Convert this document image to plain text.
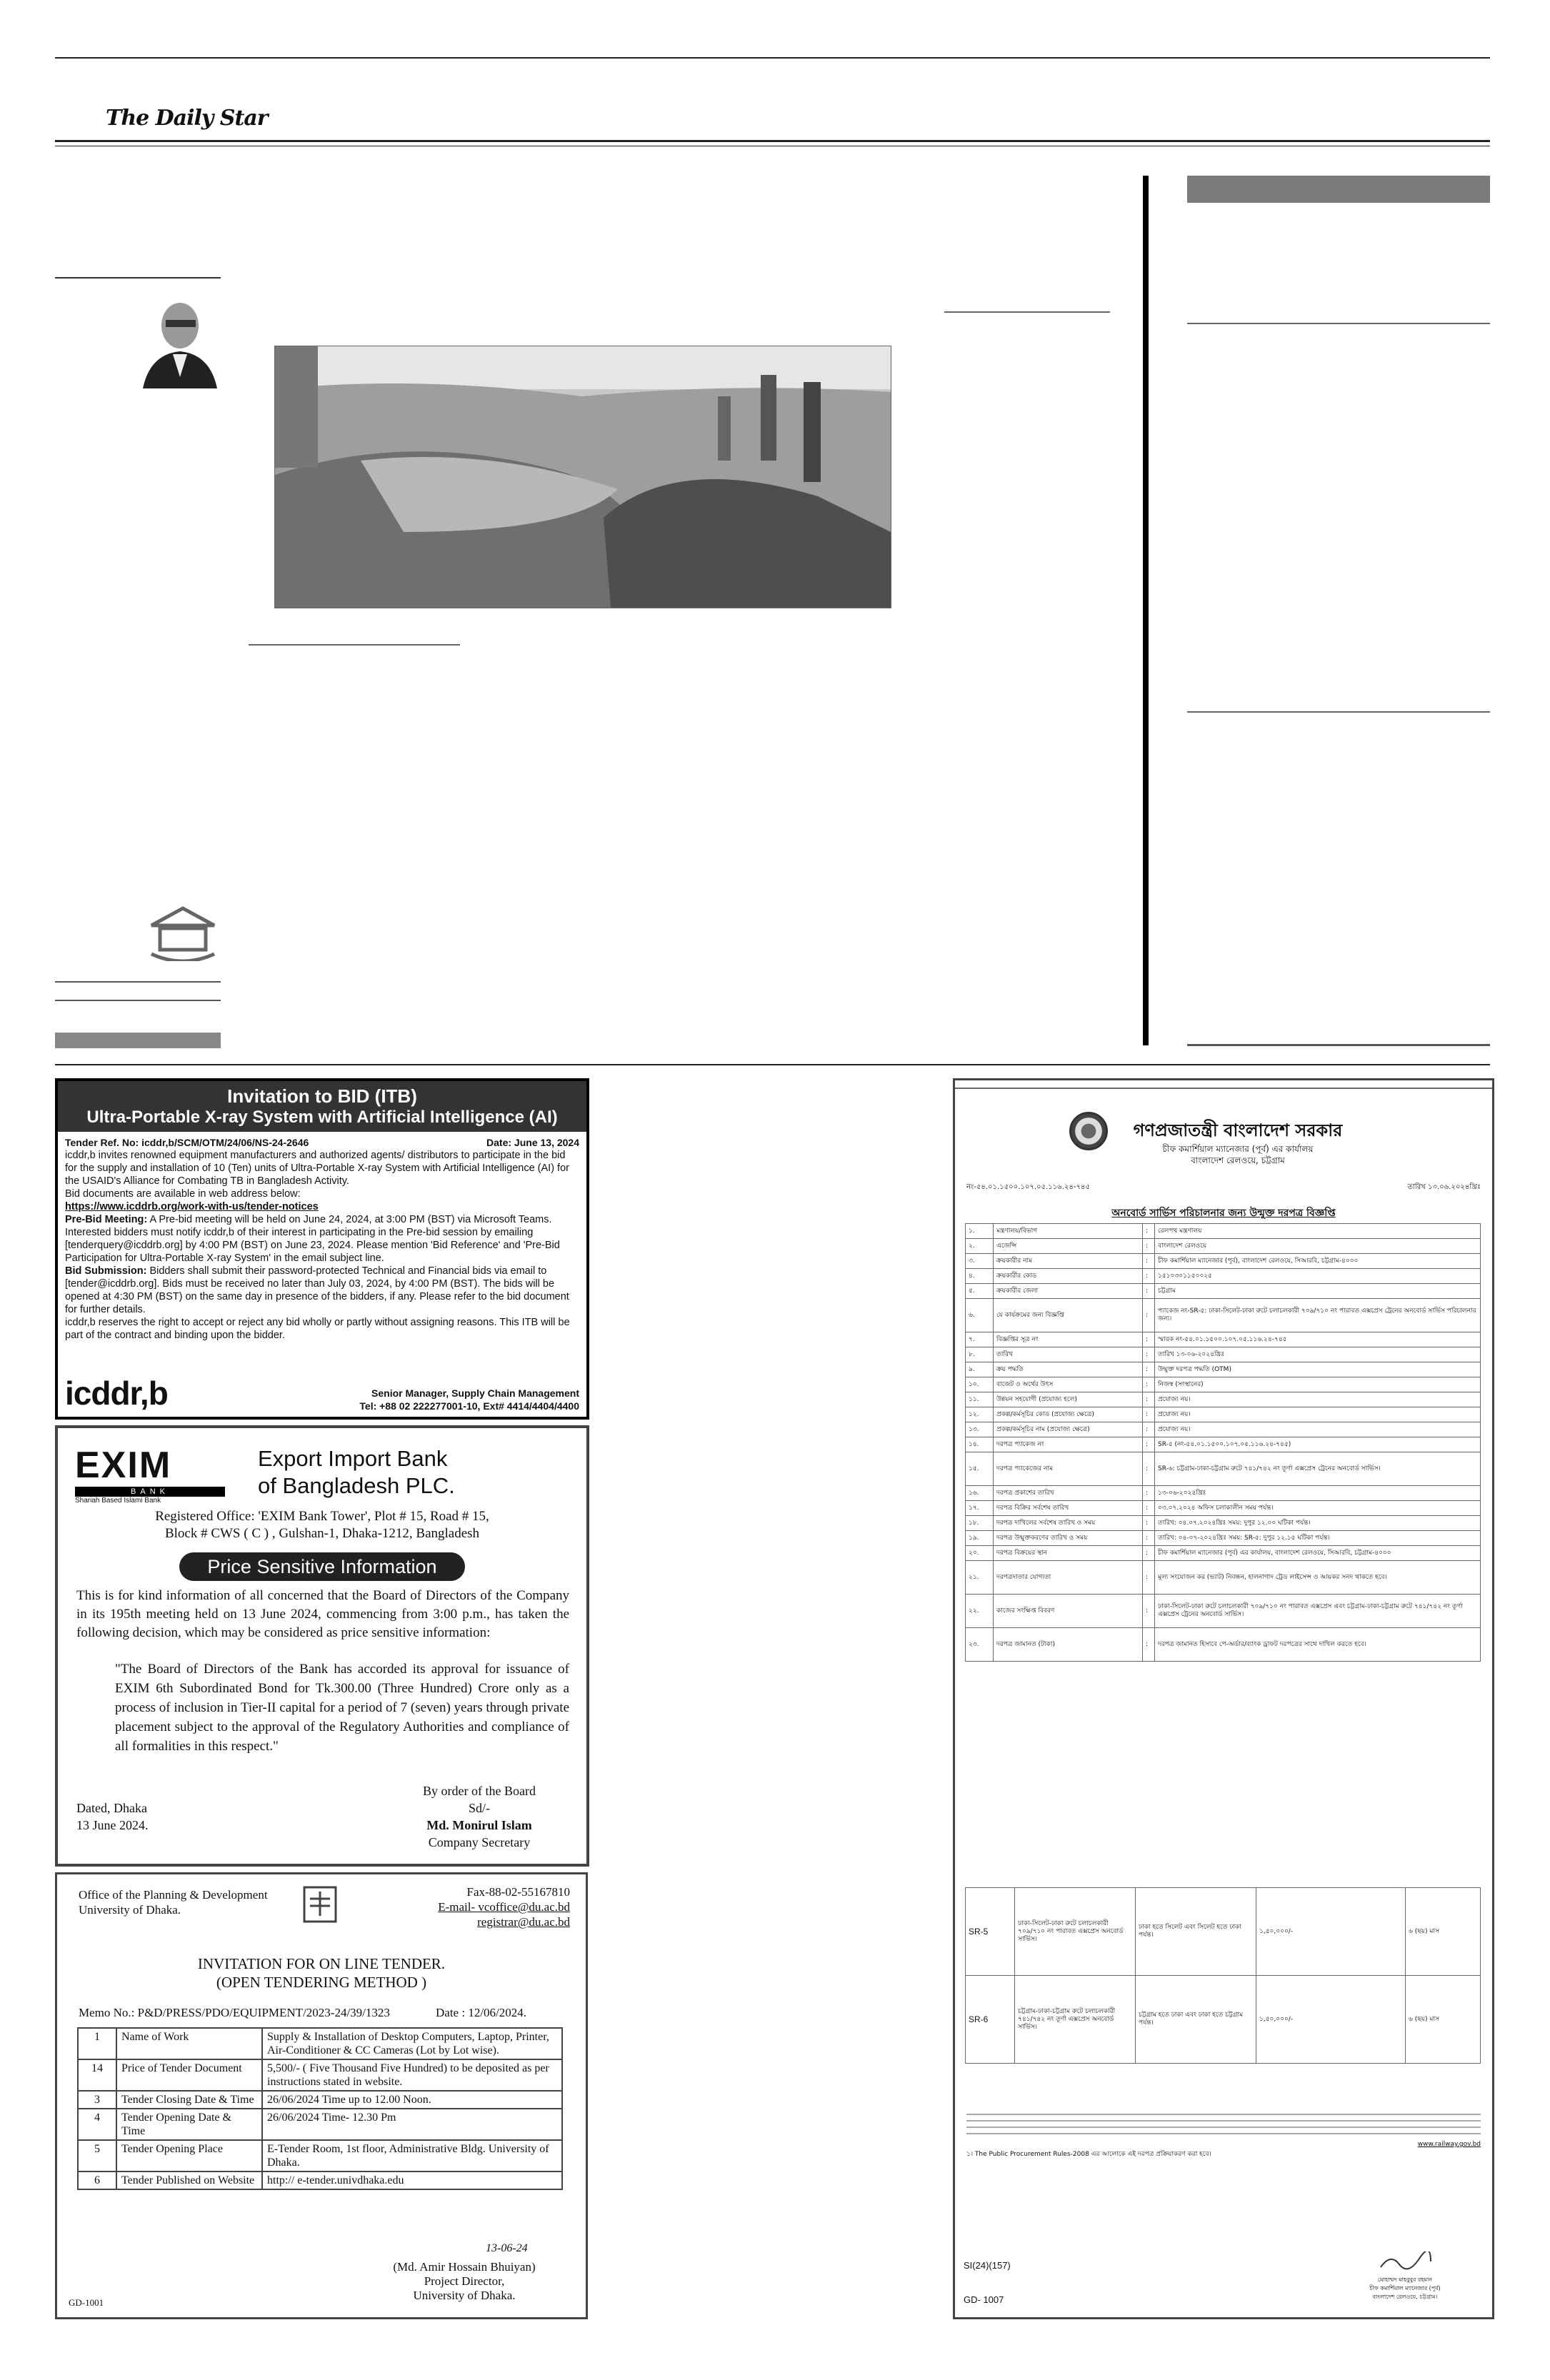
The Daily Star
Invitation to BID (ITB)
Ultra-Portable X-ray System with Artificial Intelligence (AI)
Tender Ref. No: icddr,b/SCM/OTM/24/06/NS-24-2646	Date: June 13, 2024
icddr,b invites renowned equipment manufacturers and authorized agents/ distributors to participate in the bid for the supply and installation of 10 (Ten) units of Ultra-Portable X-ray System with Artificial Intelligence (AI) for the USAID's Alliance for Combating TB in Bangladesh Activity.
Bid documents are available in web address below:
https://www.icddrb.org/work-with-us/tender-notices
Pre-Bid Meeting: A Pre-bid meeting will be held on June 24, 2024, at 3:00 PM (BST) via Microsoft Teams. Interested bidders must notify icddr,b of their interest in participating in the Pre-bid session by emailing [tenderquery@icddrb.org] by 4:00 PM (BST) on June 23, 2024. Please mention 'Bid Reference' and 'Pre-Bid Participation for Ultra-Portable X-ray System' in the email subject line.
Bid Submission: Bidders shall submit their password-protected Technical and Financial bids via email to [tender@icddrb.org]. Bids must be received no later than July 03, 2024, by 4:00 PM (BST). The bids will be opened at 4:30 PM (BST) on the same day in presence of the bidders, if any. Please refer to the bid document for further details.
icddr,b reserves the right to accept or reject any bid wholly or partly without assigning reasons. This ITB will be part of the contract and binding upon the bidder.
icddr,b	Senior Manager, Supply Chain Management
Tel: +88 02 222277001-10, Ext# 4414/4404/4400
EXIM
BANK
Shariah Based Islami Bank
Export Import Bank
of Bangladesh PLC.
Registered Office: 'EXIM Bank Tower', Plot # 15, Road # 15,
Block # CWS ( C ) , Gulshan-1, Dhaka-1212, Bangladesh
Price Sensitive Information
This is for kind information of all concerned that the Board of Directors of the Company in its 195th meeting held on 13 June 2024, commencing from 3:00 p.m., has taken the following decision, which may be considered as price sensitive information:
"The Board of Directors of the Bank has accorded its approval for issuance of EXIM 6th Subordinated Bond for Tk.300.00 (Three Hundred) Crore only as a process of inclusion in Tier-II capital for a period of 7 (seven) years through private placement subject to the approval of the Regulatory Authorities and compliance of all formalities in this respect."
Dated, Dhaka
13 June 2024.
By order of the Board
Sd/-
Md. Monirul Islam
Company Secretary
Office of the Planning & Development
University of Dhaka.
Fax-88-02-55167810
E-mail- vcoffice@du.ac.bd
registrar@du.ac.bd
INVITATION FOR ON LINE TENDER.
(OPEN TENDERING METHOD )
Memo No.: P&D/PRESS/PDO/EQUIPMENT/2023-24/39/1323	Date : 12/06/2024.
1	Name of Work	Supply & Installation of Desktop Computers, Laptop, Printer, Air-Conditioner & CC Cameras (Lot by Lot wise).
14	Price of Tender Document	5,500/- ( Five Thousand Five Hundred) to be deposited as per instructions stated in website.
3	Tender Closing Date & Time	26/06/2024 Time up to 12.00 Noon.
4	Tender Opening Date & Time	26/06/2024 Time- 12.30 Pm
5	Tender Opening Place	E-Tender Room, 1st floor, Administrative Bldg. University of Dhaka.
6	Tender Published on Website	http:// e-tender.univdhaka.edu
13-06-24
(Md. Amir Hossain Bhuiyan)
Project Director,
University of Dhaka.
GD-1001
গণপ্রজাতন্ত্রী বাংলাদেশ সরকার
চীফ কমার্শিয়াল ম্যানেজার (পূর্ব) এর কার্যালয়
বাংলাদেশ রেলওয়ে, চট্টগ্রাম
নং-৫৪.০১.১৫০০.১০৭.০৫.১১৬.২৪-৭৪৫	তারিখ ১৩.০৬.২০২৪খ্রিঃ
অনবোর্ড সার্ভিস পরিচালনার জন্য উন্মুক্ত দরপত্র বিজ্ঞপ্তি
১.	মন্ত্রণালয়/বিভাগ	:	রেলপথ মন্ত্রণালয়
২.	এজেন্সি	:	বাংলাদেশ রেলওয়ে
৩.	ক্রয়কারীর নাম	:	চীফ কমার্শিয়াল ম্যানেজার (পূর্ব), বাংলাদেশ রেলওয়ে, সিআরবি, চট্টগ্রাম-৪০০০
৪.	ক্রয়কারীর কোড	:	১৫১০৩০১১৫০০২৫
৫.	ক্রয়কারীর জেলা	:	চট্টগ্রাম
৬.	যে কার্যক্রমের জন্য বিজ্ঞপ্তি	:	প্যাকেজ নং-SR-৫: ঢাকা-সিলেট-ঢাকা রুটে চলাচলকারী ৭০৯/৭১০ নং পারাবত এক্সপ্রেস ট্রেনের অনবোর্ড সার্ভিস পরিচালনার জন্য।
৭.	বিজ্ঞপ্তির সূত্র নং	:	স্মারক নং-৫৪.০১.১৫০০.১০৭.০৫.১১৬.২৪-৭৪৫
৮.	তারিখ	:	তারিখ ১৩-০৬-২০২৪খ্রিঃ
৯.	ক্রয় পদ্ধতি	:	উন্মুক্ত দরপত্র পদ্ধতি (OTM)
১০.	বাজেট ও অর্থের উৎস	:	নিজস্ব (সংস্থানের)
১১.	উন্নয়ন সহযোগী (প্রযোজ্য হলে)	:	প্রযোজ্য নয়।
১২.	প্রকল্প/কর্মসূচির কোড (প্রযোজ্য ক্ষেত্রে)	:	প্রযোজ্য নয়।
১৩.	প্রকল্প/কর্মসূচির নাম (প্রযোজ্য ক্ষেত্রে)	:	প্রযোজ্য নয়।
১৪.	দরপত্র প্যাকেজ নং	:	SR-৫ (নং-৫৪.০১.১৫০০.১০৭.০৫.১১৬.২৪-৭৪৫)
১৫.	দরপত্র প্যাকেজের নাম	:	SR-৬: চট্টগ্রাম-ঢাকা-চট্টগ্রাম রুটে ৭৪১/৭৪২ নং তূর্ণা এক্সপ্রেস ট্রেনের অনবোর্ড সার্ভিস।
১৬.	দরপত্র প্রকাশের তারিখ	:	১৩-০৬-২০২৪খ্রিঃ
১৭.	দরপত্র বিক্রির সর্বশেষ তারিখ	:	০৩.০৭.২০২৪ অফিস চলাকালীন সময় পর্যন্ত।
১৮.	দরপত্র দাখিলের সর্বশেষ তারিখ ও সময়	:	তারিখ: ০৪.০৭.২০২৪খ্রিঃ সময়: দুপুর ১২.০০ ঘটিকা পর্যন্ত।
১৯.	দরপত্র উন্মুক্তকরণের তারিখ ও সময়	:	তারিখ: ০৪-০৭-২০২৪খ্রিঃ সময়: SR-৫: দুপুর ১২.১৫ ঘটিকা পর্যন্ত।
২০.	দরপত্র বিক্রয়ের স্থান	:	চীফ কমার্শিয়াল ম্যানেজার (পূর্ব) এর কার্যালয়, বাংলাদেশ রেলওয়ে, সিআরবি, চট্টগ্রাম-৪০০০
২১.	দরপত্রদাতার যোগ্যতা	:	মূল্য সংযোজন কর (ভ্যাট) নিবন্ধন, হালনাগাদ ট্রেড লাইসেন্স ও আয়কর সনদ থাকতে হবে।
২২.	কাজের সংক্ষিপ্ত বিবরণ	:	ঢাকা-সিলেট-ঢাকা রুটে চলাচলকারী ৭০৯/৭১০ নং পারাবত এক্সপ্রেস এবং চট্টগ্রাম-ঢাকা-চট্টগ্রাম রুটে ৭৪১/৭৪২ নং তূর্ণা এক্সপ্রেস ট্রেনের অনবোর্ড সার্ভিস।
২৩.	দরপত্র জামানত (টাকা)	:	দরপত্র জামানত হিসাবে পে-অর্ডার/ব্যাংক ড্রাফট দরপত্রের সাথে দাখিল করতে হবে।
SR-5	ঢাকা-সিলেট-ঢাকা রুটে চলাচলকারী ৭০৯/৭১০ নং পারাবত এক্সপ্রেস অনবোর্ড সার্ভিস।	ঢাকা হতে সিলেট এবং সিলেট হতে ঢাকা পর্যন্ত।	১,৫০,০০০/-	৬ (ছয়) মাস
SR-6	চট্টগ্রাম-ঢাকা-চট্টগ্রাম রুটে চলাচলকারী ৭৪১/৭৪২ নং তূর্ণা এক্সপ্রেস অনবোর্ড সার্ভিস।	চট্টগ্রাম হতে ঢাকা এবং ঢাকা হতে চট্টগ্রাম পর্যন্ত।	১,৫০,০০০/-	৬ (ছয়) মাস
www.railway.gov.bd
১। The Public Procurement Rules-2008 এর আলোকে এই দরপত্র প্রক্রিয়াকরণ করা হবে।
SI(24)(157)
মোহাম্মদ মাহবুবুর রহমান
চীফ কমার্শিয়াল ম্যানেজার (পূর্ব)
বাংলাদেশ রেলওয়ে, চট্টগ্রাম।
GD- 1007
